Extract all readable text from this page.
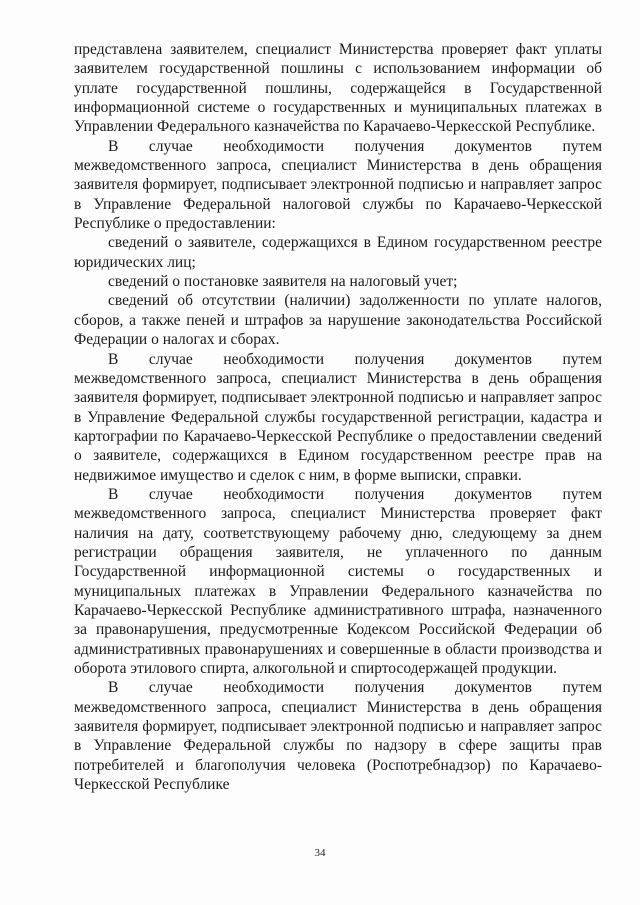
представлена заявителем, специалист Министерства проверяет факт уплаты заявителем государственной пошлины с использованием информации об уплате государственной пошлины, содержащейся в Государственной информационной системе о государственных и муниципальных платежах в Управлении Федерального казначейства по Карачаево-Черкесской Республике.

В случае необходимости получения документов путем межведомственного запроса, специалист Министерства в день обращения заявителя формирует, подписывает электронной подписью и направляет запрос в Управление Федеральной налоговой службы по Карачаево-Черкесской Республике о предоставлении:

сведений о заявителе, содержащихся в Едином государственном реестре юридических лиц;

сведений о постановке заявителя на налоговый учет;

сведений об отсутствии (наличии) задолженности по уплате налогов, сборов, а также пеней и штрафов за нарушение законодательства Российской Федерации о налогах и сборах.

В случае необходимости получения документов путем межведомственного запроса, специалист Министерства в день обращения заявителя формирует, подписывает электронной подписью и направляет запрос в Управление Федеральной службы государственной регистрации, кадастра и картографии по Карачаево-Черкесской Республике о предоставлении сведений о заявителе, содержащихся в Едином государственном реестре прав на недвижимое имущество и сделок с ним, в форме выписки, справки.

В случае необходимости получения документов путем межведомственного запроса, специалист Министерства проверяет факт наличия на дату, соответствующему рабочему дню, следующему за днем регистрации обращения заявителя, не уплаченного по данным Государственной информационной системы о государственных и муниципальных платежах в Управлении Федерального казначейства по Карачаево-Черкесской Республике административного штрафа, назначенного за правонарушения, предусмотренные Кодексом Российской Федерации об административных правонарушениях и совершенные в области производства и оборота этилового спирта, алкогольной и спиртосодержащей продукции.

В случае необходимости получения документов путем межведомственного запроса, специалист Министерства в день обращения заявителя формирует, подписывает электронной подписью и направляет запрос в Управление Федеральной службы по надзору в сфере защиты прав потребителей и благополучия человека (Роспотребнадзор) по Карачаево-Черкесской Республике

34
